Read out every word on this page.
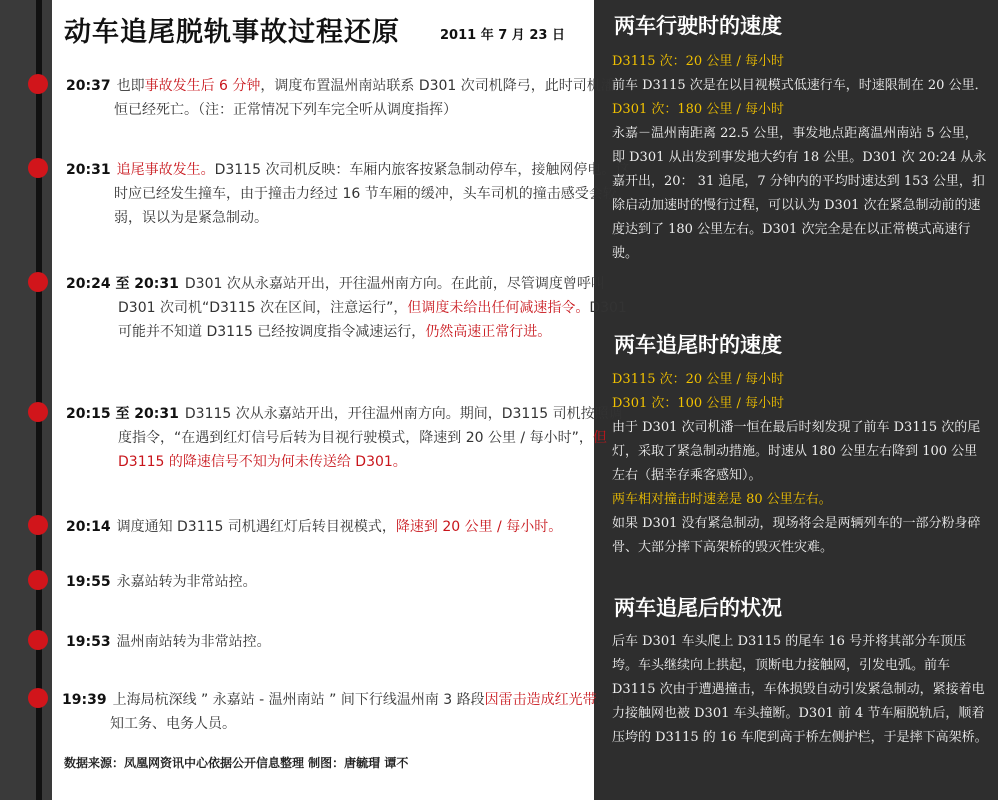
动车追尾脱轨事故过程还原	2011 年 7 月 23 日
20:37 也即事故发生后 6 分钟，调度布置温州南站联系 D301 次司机降弓，此时司机潘一恒已经死亡。（注：正常情况下列车完全听从调度指挥）
20:31 追尾事故发生。D3115 次司机反映：车厢内旅客按紧急制动停车，接触网停电。这时应已经发生撞车，由于撞击力经过 16 节车厢的缓冲，头车司机的撞击感受会较弱，误以为是紧急制动。
20:24 至 20:31 D301 次从永嘉站开出，开往温州南方向。在此前，尽管调度曾呼叫 D301 次司机“D3115 次在区间，注意运行”，但调度未给出任何减速指令。D301 可能并不知道 D3115 已经按调度指令减速运行，仍然高速正常行进。
20:15 至 20:31 D3115 次从永嘉站开出，开往温州南方向。期间，D3115 司机按照调度指令，“在遇到红灯信号后转为目视行驶模式，降速到 20 公里 / 每小时”，但 D3115 的降速信号不知为何未传送给 D301。
20:14 调度通知 D3115 司机遇红灯后转目视模式，降速到 20 公里 / 每小时。
19:55 永嘉站转为非常站控。
19:53 温州南站转为非常站控。
19:39 上海局杭深线 ” 永嘉站 - 温州南站 ” 间下行线温州南 3 路段因雷击造成红光带，通知工务、电务人员。
数据来源：凤凰网资讯中心依据公开信息整理 制图：唐毓瑁 谭不
两车行驶时的速度

D3115 次：20 公里 / 每小时

前车 D3115 次是在以目视模式低速行车，时速限制在 20 公里．

D301 次：180 公里 / 每小时

永嘉－温州南距离 22.5 公里，事发地点距离温州南站 5 公里， 即 D301 从出发到事发地大约有 18 公里。D301 次 20:24 从永嘉开出，20： 31 追尾，7 分钟内的平均时速达到 153 公里，扣除启动加速时的慢行过程，可以认为 D301 次在紧急制动前的速度达到了 180 公里左右。D301 次完全是在以正常模式高速行驶。

两车追尾时的速度

D3115 次：20 公里 / 每小时

D301 次：100 公里 / 每小时

由于 D301 次司机潘一恒在最后时刻发现了前车 D3115 次的尾灯，采取了紧急制动措施。时速从 180 公里左右降到 100 公里左右（据幸存乘客感知）。

两车相对撞击时速差是 80 公里左右。

如果 D301 没有紧急制动，现场将会是两辆列车的一部分粉身碎骨、大部分摔下高架桥的毁灭性灾难。

两车追尾后的状况

后车 D301 车头爬上 D3115 的尾车 16 号并将其部分车顶压垮。车头继续向上拱起，顶断电力接触网，引发电弧。前车 D3115 次由于遭遇撞击，车体损毁自动引发紧急制动，紧接着电力接触网也被 D301 车头撞断。D301 前 4 节车厢脱轨后，顺着压垮的 D3115 的 16 车爬到高于桥左侧护栏，于是摔下高架桥。
